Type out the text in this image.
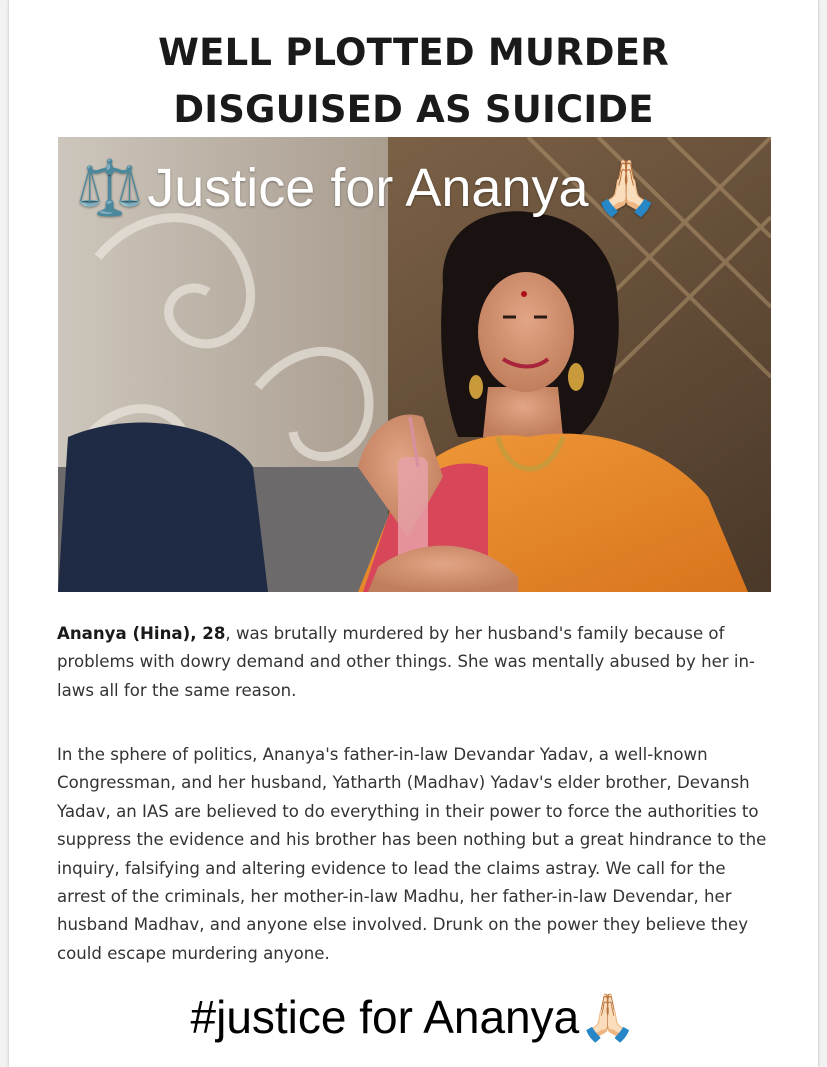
WELL PLOTTED MURDER
DISGUISED AS SUICIDE
⚖️ Justice for Ananya 🙏🏻
Ananya (Hina), 28, was brutally murdered by her husband's family because of problems with dowry demand and other things. She was mentally abused by her in-laws all for the same reason.
In the sphere of politics, Ananya's father-in-law Devandar Yadav, a well-known Congressman, and her husband, Yatharth (Madhav) Yadav's elder brother, Devansh Yadav, an IAS are believed to do everything in their power to force the authorities to suppress the evidence and his brother has been nothing but a great hindrance to the inquiry, falsifying and altering evidence to lead the claims astray. We call for the arrest of the criminals, her mother-in-law Madhu, her father-in-law Devendar, her husband Madhav, and anyone else involved. Drunk on the power they believe they could escape murdering anyone.
#justice for Ananya🙏🏻
